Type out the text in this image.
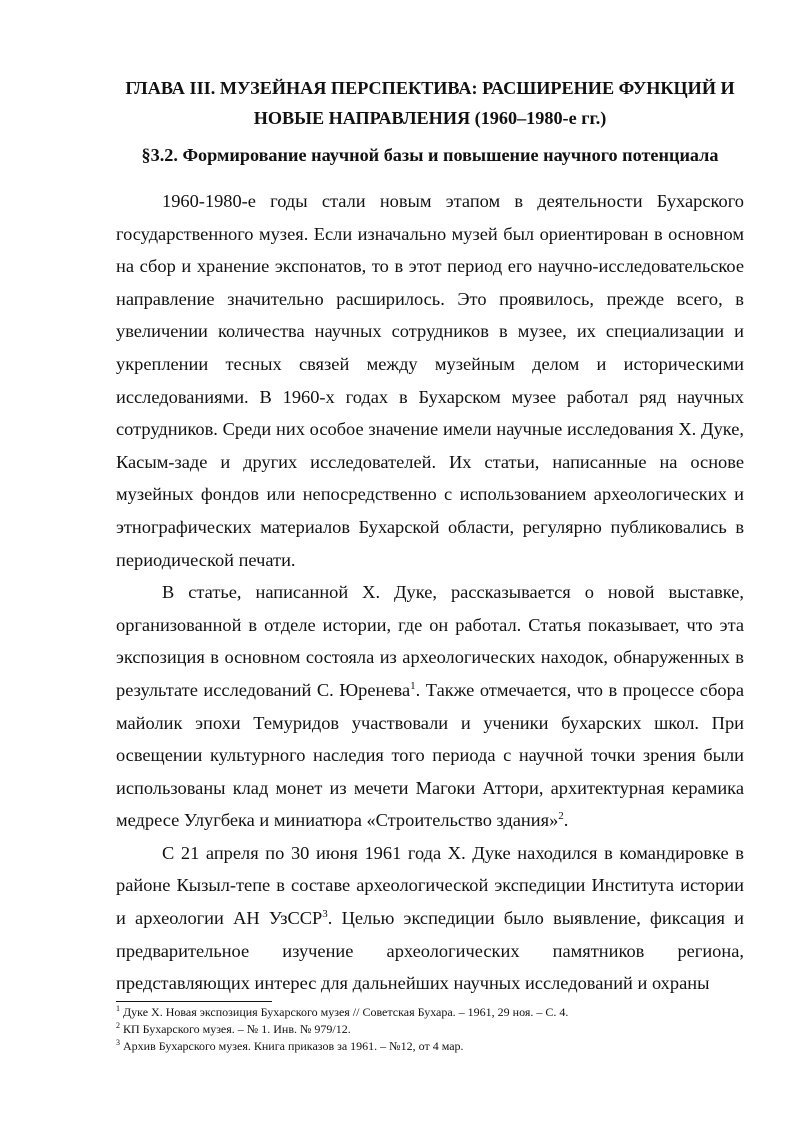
ГЛАВА III. МУЗЕЙНАЯ ПЕРСПЕКТИВА: РАСШИРЕНИЕ ФУНКЦИЙ И НОВЫЕ НАПРАВЛЕНИЯ (1960–1980-е гг.)
§3.2. Формирование научной базы и повышение научного потенциала

1960-1980-е годы стали новым этапом в деятельности Бухарского государственного музея. Если изначально музей был ориентирован в основном на сбор и хранение экспонатов, то в этот период его научно-исследовательское направление значительно расширилось. Это проявилось, прежде всего, в увеличении количества научных сотрудников в музее, их специализации и укреплении тесных связей между музейным делом и историческими исследованиями. В 1960-х годах в Бухарском музее работал ряд научных сотрудников. Среди них особое значение имели научные исследования Х. Дуке, Касым-заде и других исследователей. Их статьи, написанные на основе музейных фондов или непосредственно с использованием археологических и этнографических материалов Бухарской области, регулярно публиковались в периодической печати.

В статье, написанной Х. Дуке, рассказывается о новой выставке, организованной в отделе истории, где он работал. Статья показывает, что эта экспозиция в основном состояла из археологических находок, обнаруженных в результате исследований С. Юренева$^1$. Также отмечается, что в процессе сбора майолик эпохи Темуридов участвовали и ученики бухарских школ. При освещении культурного наследия того периода с научной точки зрения были использованы клад монет из мечети Магоки Аттори, архитектурная керамика медресе Улугбека и миниатюра «Строительство здания»$^2$.

С 21 апреля по 30 июня 1961 года Х. Дуке находился в командировке в районе Кызыл-тепе в составе археологической экспедиции Института истории и археологии АН УзССР$^3$. Целью экспедиции было выявление, фиксация и предварительное изучение археологических памятников региона, представляющих интерес для дальнейших научных исследований и охраны

$^1$ Дуке Х. Новая экспозиция Бухарского музея // Советская Бухара. – 1961, 29 ноя. – С. 4.

$^2$ КП Бухарского музея. – № 1. Инв. № 979/12.

$^3$ Архив Бухарского музея. Книга приказов за 1961. – №12, от 4 мар.
